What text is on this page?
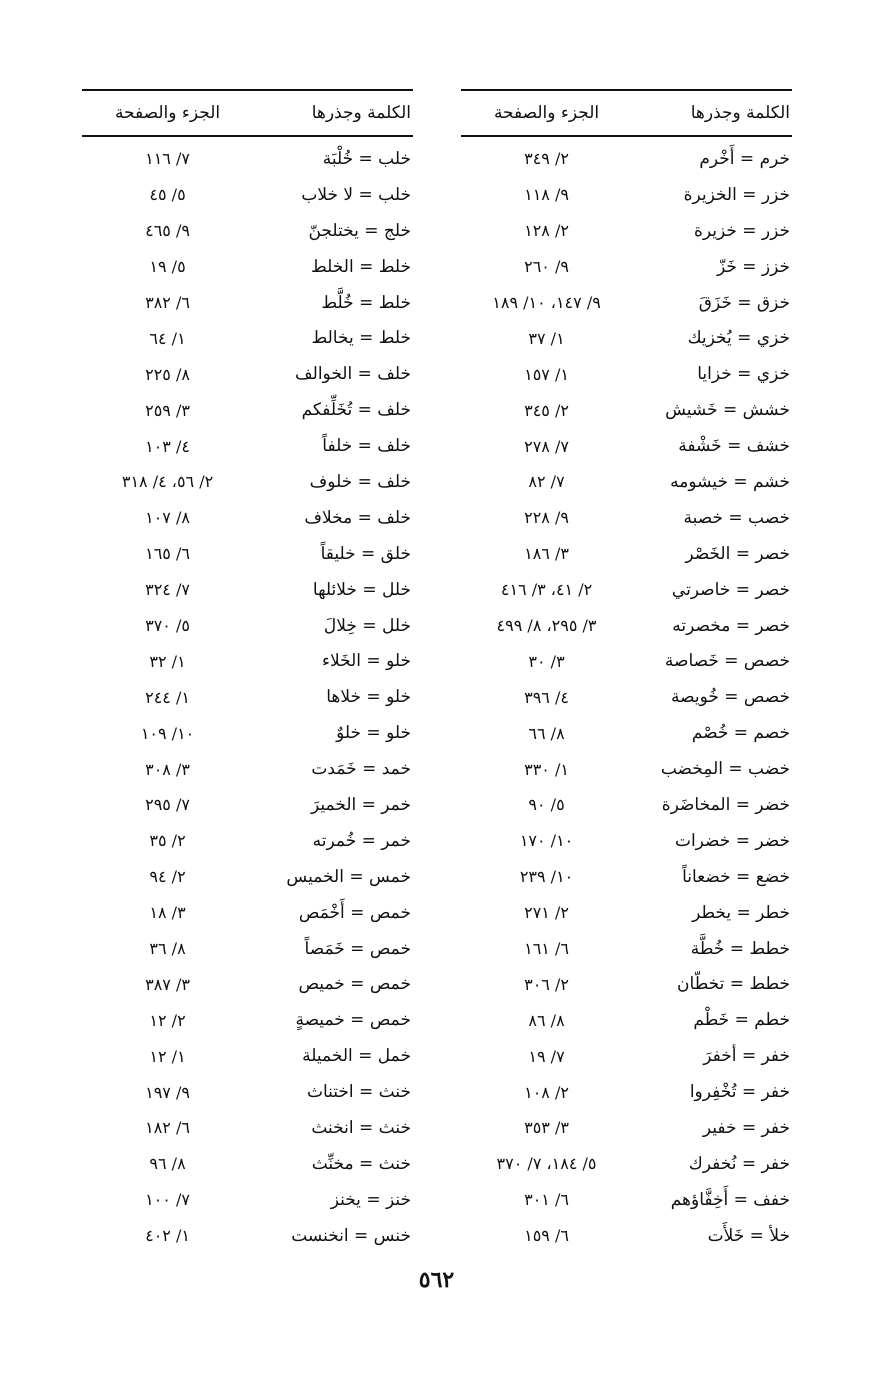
الكلمة وجذرها
الجزء والصفحة
خرم = أَخْرم
٢/ ٣٤٩
خزر = الخزيرة
٩/ ١١٨
خزر = خزيرة
٢/ ١٢٨
خزز = خَزّ
٩/ ٢٦٠
خزق = خَزَقَ
٩/ ١٤٧، ١٠/ ١٨٩
خزي = يُخزيك
١/ ٣٧
خزي = خزايا
١/ ١٥٧
خشش = خَشيش
٢/ ٣٤٥
خشف = خَشْفة
٧/ ٢٧٨
خشم = خيشومه
٧/ ٨٢
خصب = خصبة
٩/ ٢٢٨
خصر = الخَصْر
٣/ ١٨٦
خصر = خاصرتي
٢/ ٤١، ٣/ ٤١٦
خصر = مخصرته
٣/ ٢٩٥، ٨/ ٤٩٩
خصص = خَصاصة
٣/ ٣٠
خصص = خُويصة
٤/ ٣٩٦
خصم = خُصْم
٨/ ٦٦
خضب = المِخضب
١/ ٣٣٠
خضر = المخاضَرة
٥/ ٩٠
خضر = خضرات
١٠/ ١٧٠
خضع = خضعاناً
١٠/ ٢٣٩
خطر = يخطر
٢/ ٢٧١
خطط = خُطَّة
٦/ ١٦١
خطط = تخطّان
٢/ ٣٠٦
خطم = خَطْم
٨/ ٨٦
خفر = أخفرَ
٧/ ١٩
خفر = تُخْفِروا
٢/ ١٠٨
خفر = خفير
٣/ ٣٥٣
خفر = نُخفرك
٥/ ١٨٤، ٧/ ٣٧٠
خفف = أَخِفَّاؤهم
٦/ ٣٠١
خلأ = خَلأَت
٦/ ١٥٩
الكلمة وجذرها
الجزء والصفحة
خلب = خُلْبَة
٧/ ١١٦
خلب = لا خلاب
٥/ ٤٥
خلج = يختلجنّ
٩/ ٤٦٥
خلط = الخلط
٥/ ١٩
خلط = خُلَّط
٦/ ٣٨٢
خلط = يخالط
١/ ٦٤
خلف = الخوالف
٨/ ٢٢٥
خلف = تُخَلِّفكم
٣/ ٢٥٩
خلف = خلفاً
٤/ ١٠٣
خلف = خلوف
٢/ ٥٦، ٤/ ٣١٨
خلف = مخلاف
٨/ ١٠٧
خلق = خليقاً
٦/ ١٦٥
خلل = خلائلها
٧/ ٣٢٤
خلل = خِلالَ
٥/ ٣٧٠
خلو = الخَلاء
١/ ٣٢
خلو = خلاها
١/ ٢٤٤
خلو = خلوٌ
١٠/ ١٠٩
خمد = خَمَدت
٣/ ٣٠٨
خمر = الخميرَ
٧/ ٢٩٥
خمر = خُمرته
٢/ ٣٥
خمس = الخميس
٢/ ٩٤
خمص = أَخْمَص
٣/ ١٨
خمص = خَمَصاً
٨/ ٣٦
خمص = خميص
٣/ ٣٨٧
خمص = خميصةٍ
٢/ ١٢
خمل = الخميلة
١/ ١٢
خنث = اختناث
٩/ ١٩٧
خنث = انخنث
٦/ ١٨٢
خنث = مخنِّث
٨/ ٩٦
خنز = يخنز
٧/ ١٠٠
خنس = انخنست
١/ ٤٠٢
٥٦٢
